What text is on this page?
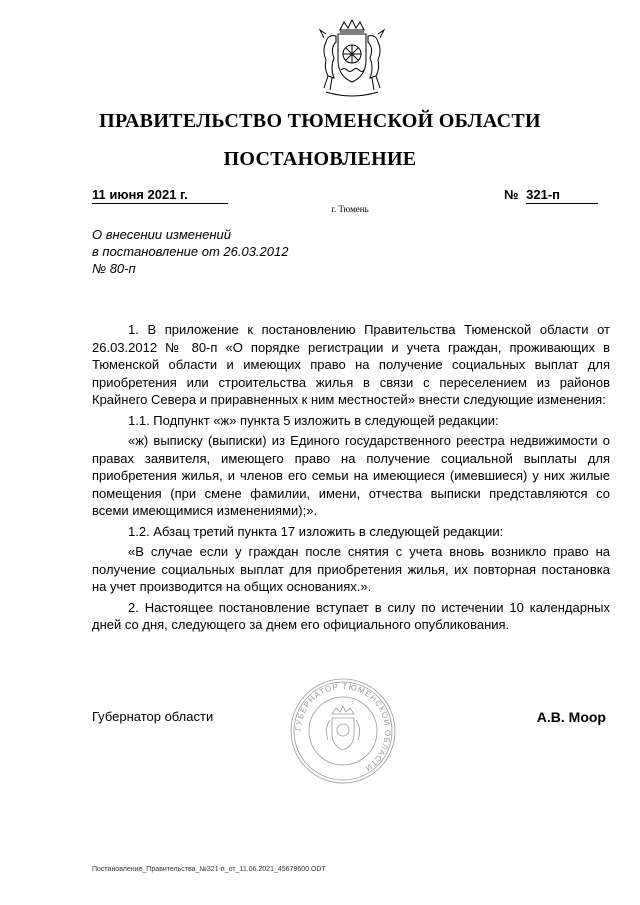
ПРАВИТЕЛЬСТВО ТЮМЕНСКОЙ ОБЛАСТИ
ПОСТАНОВЛЕНИЕ
11 июня 2021 г.	№ 321-п
г. Тюмень
О внесении изменений
в постановление от 26.03.2012
№ 80-п

1. В приложение к постановлению Правительства Тюменской области от 26.03.2012 № 80-п «О порядке регистрации и учета граждан, проживающих в Тюменской области и имеющих право на получение социальных выплат для приобретения или строительства жилья в связи с переселением из районов Крайнего Севера и приравненных к ним местностей» внести следующие изменения:

1.1. Подпункт «ж» пункта 5 изложить в следующей редакции:

«ж) выписку (выписки) из Единого государственного реестра недвижимости о правах заявителя, имеющего право на получение социальной выплаты для приобретения жилья, и членов его семьи на имеющиеся (имевшиеся) у них жилые помещения (при смене фамилии, имени, отчества выписки представляются со всеми имеющимися изменениями);».

1.2. Абзац третий пункта 17 изложить в следующей редакции:

«В случае если у граждан после снятия с учета вновь возникло право на получение социальных выплат для приобретения жилья, их повторная постановка на учет производится на общих основаниях.».

2. Настоящее постановление вступает в силу по истечении 10 календарных дней со дня, следующего за днем его официального опубликования.

ГУБЕРНАТОР ТЮМЕНСКОЙ ОБЛАСТИ
Губернатор области	А.В. Моор
Постановление_Правительства_№321-п_от_11.06.2021_45679600.ODT
